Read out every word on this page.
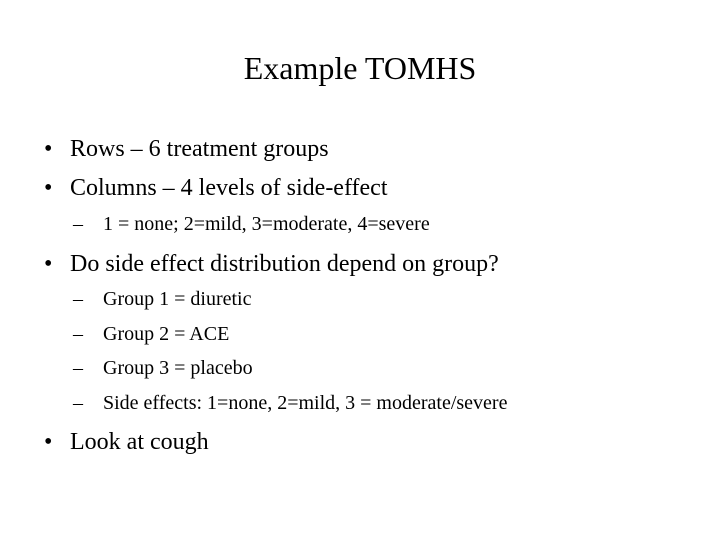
Example TOMHS
• Rows – 6 treatment groups
• Columns – 4 levels of side-effect
– 1 = none; 2=mild, 3=moderate, 4=severe
• Do side effect distribution depend on group?
– Group 1 = diuretic
– Group 2 = ACE
– Group 3 = placebo
– Side effects: 1=none, 2=mild, 3 = moderate/severe
• Look at cough
